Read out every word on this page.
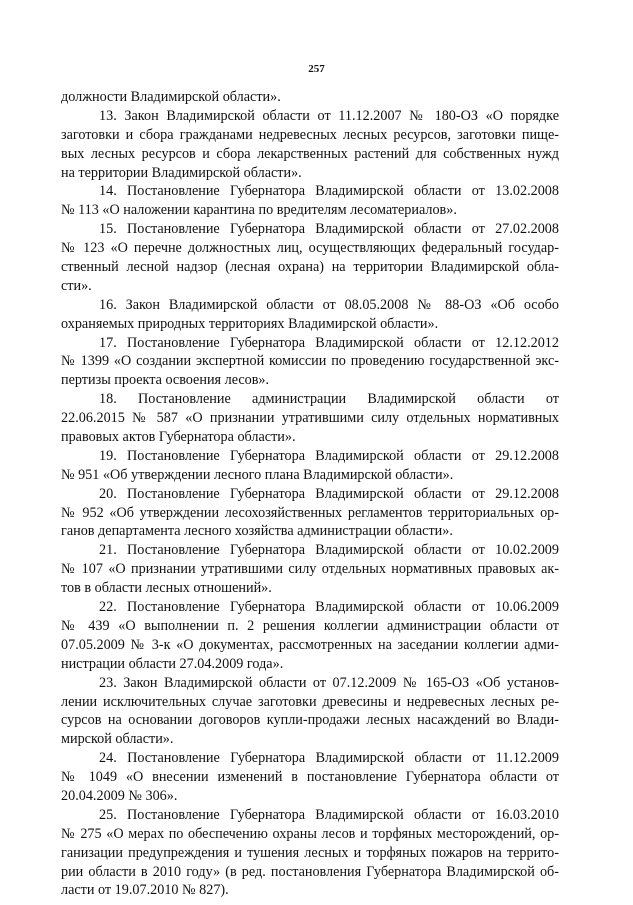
257
должности Владимирской области».
13. Закон Владимирской области от 11.12.2007 № 180-ОЗ «О порядке
заготовки и сбора гражданами недревесных лесных ресурсов, заготовки пище-
вых лесных ресурсов и сбора лекарственных растений для собственных нужд
на территории Владимирской области».
14. Постановление Губернатора Владимирской области от 13.02.2008
№ 113 «О наложении карантина по вредителям лесоматериалов».
15. Постановление Губернатора Владимирской области от 27.02.2008
№ 123 «О перечне должностных лиц, осуществляющих федеральный государ-
ственный лесной надзор (лесная охрана) на территории Владимирской обла-
сти».
16. Закон Владимирской области от 08.05.2008 № 88-ОЗ «Об особо
охраняемых природных территориях Владимирской области».
17. Постановление Губернатора Владимирской области от 12.12.2012
№ 1399 «О создании экспертной комиссии по проведению государственной экс-
пертизы проекта освоения лесов».
18. Постановление администрации Владимирской области от
22.06.2015 № 587 «О признании утратившими силу отдельных нормативных
правовых актов Губернатора области».
19. Постановление Губернатора Владимирской области от 29.12.2008
№ 951 «Об утверждении лесного плана Владимирской области».
20. Постановление Губернатора Владимирской области от 29.12.2008
№ 952 «Об утверждении лесохозяйственных регламентов территориальных ор-
ганов департамента лесного хозяйства администрации области».
21. Постановление Губернатора Владимирской области от 10.02.2009
№ 107 «О признании утратившими силу отдельных нормативных правовых ак-
тов в области лесных отношений».
22. Постановление Губернатора Владимирской области от 10.06.2009
№ 439 «О выполнении п. 2 решения коллегии администрации области от
07.05.2009 № 3-к «О документах, рассмотренных на заседании коллегии адми-
нистрации области 27.04.2009 года».
23. Закон Владимирской области от 07.12.2009 № 165-ОЗ «Об установ-
лении исключительных случае заготовки древесины и недревесных лесных ре-
сурсов на основании договоров купли-продажи лесных насаждений во Влади-
мирской области».
24. Постановление Губернатора Владимирской области от 11.12.2009
№ 1049 «О внесении изменений в постановление Губернатора области от
20.04.2009 № 306».
25. Постановление Губернатора Владимирской области от 16.03.2010
№ 275 «О мерах по обеспечению охраны лесов и торфяных месторождений, ор-
ганизации предупреждения и тушения лесных и торфяных пожаров на террито-
рии области в 2010 году» (в ред. постановления Губернатора Владимирской об-
ласти от 19.07.2010 № 827).
